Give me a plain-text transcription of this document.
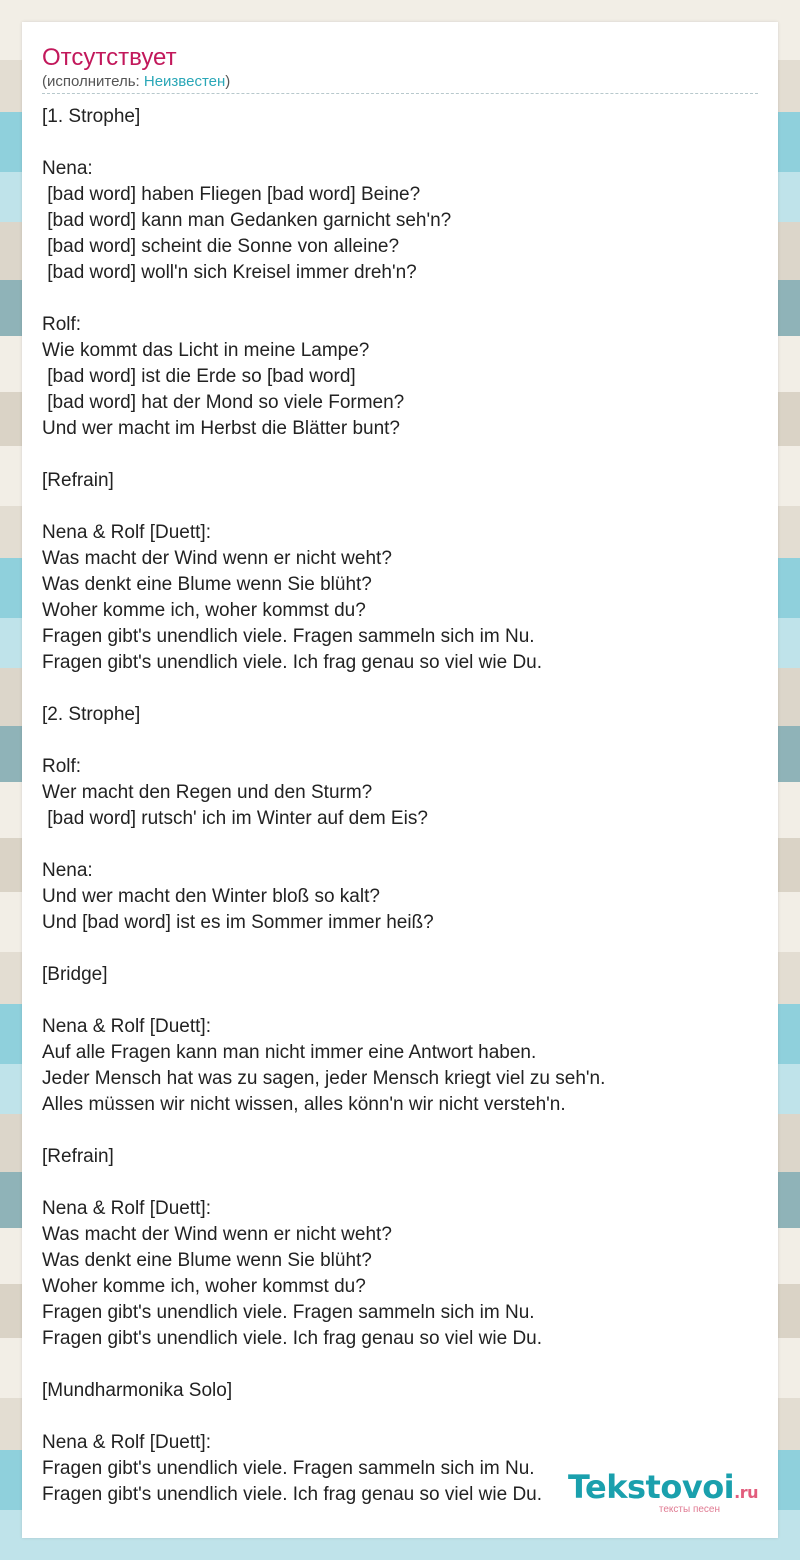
Отсутствует
(исполнитель: Неизвестен)
[1. Strophe]

Nena:
[bad word] haben Fliegen [bad word] Beine?
[bad word] kann man Gedanken garnicht seh'n?
[bad word] scheint die Sonne von alleine?
[bad word] woll'n sich Kreisel immer dreh'n?

Rolf:
Wie kommt das Licht in meine Lampe?
[bad word] ist die Erde so [bad word]
[bad word] hat der Mond so viele Formen?
Und wer macht im Herbst die Blätter bunt?

[Refrain]

Nena & Rolf [Duett]:
Was macht der Wind wenn er nicht weht?
Was denkt eine Blume wenn Sie blüht?
Woher komme ich, woher kommst du?
Fragen gibt's unendlich viele. Fragen sammeln sich im Nu.
Fragen gibt's unendlich viele. Ich frag genau so viel wie Du.

[2. Strophe]

Rolf:
Wer macht den Regen und den Sturm?
[bad word] rutsch' ich im Winter auf dem Eis?

Nena:
Und wer macht den Winter bloß so kalt?
Und [bad word] ist es im Sommer immer heiß?

[Bridge]

Nena & Rolf [Duett]:
Auf alle Fragen kann man nicht immer eine Antwort haben.
Jeder Mensch hat was zu sagen, jeder Mensch kriegt viel zu seh'n.
Alles müssen wir nicht wissen, alles könn'n wir nicht versteh'n.

[Refrain]

Nena & Rolf [Duett]:
Was macht der Wind wenn er nicht weht?
Was denkt eine Blume wenn Sie blüht?
Woher komme ich, woher kommst du?
Fragen gibt's unendlich viele. Fragen sammeln sich im Nu.
Fragen gibt's unendlich viele. Ich frag genau so viel wie Du.

[Mundharmonika Solo]

Nena & Rolf [Duett]:
Fragen gibt's unendlich viele. Fragen sammeln sich im Nu.
Fragen gibt's unendlich viele. Ich frag genau so viel wie Du. Tekstovoi.ru
тексты песен
